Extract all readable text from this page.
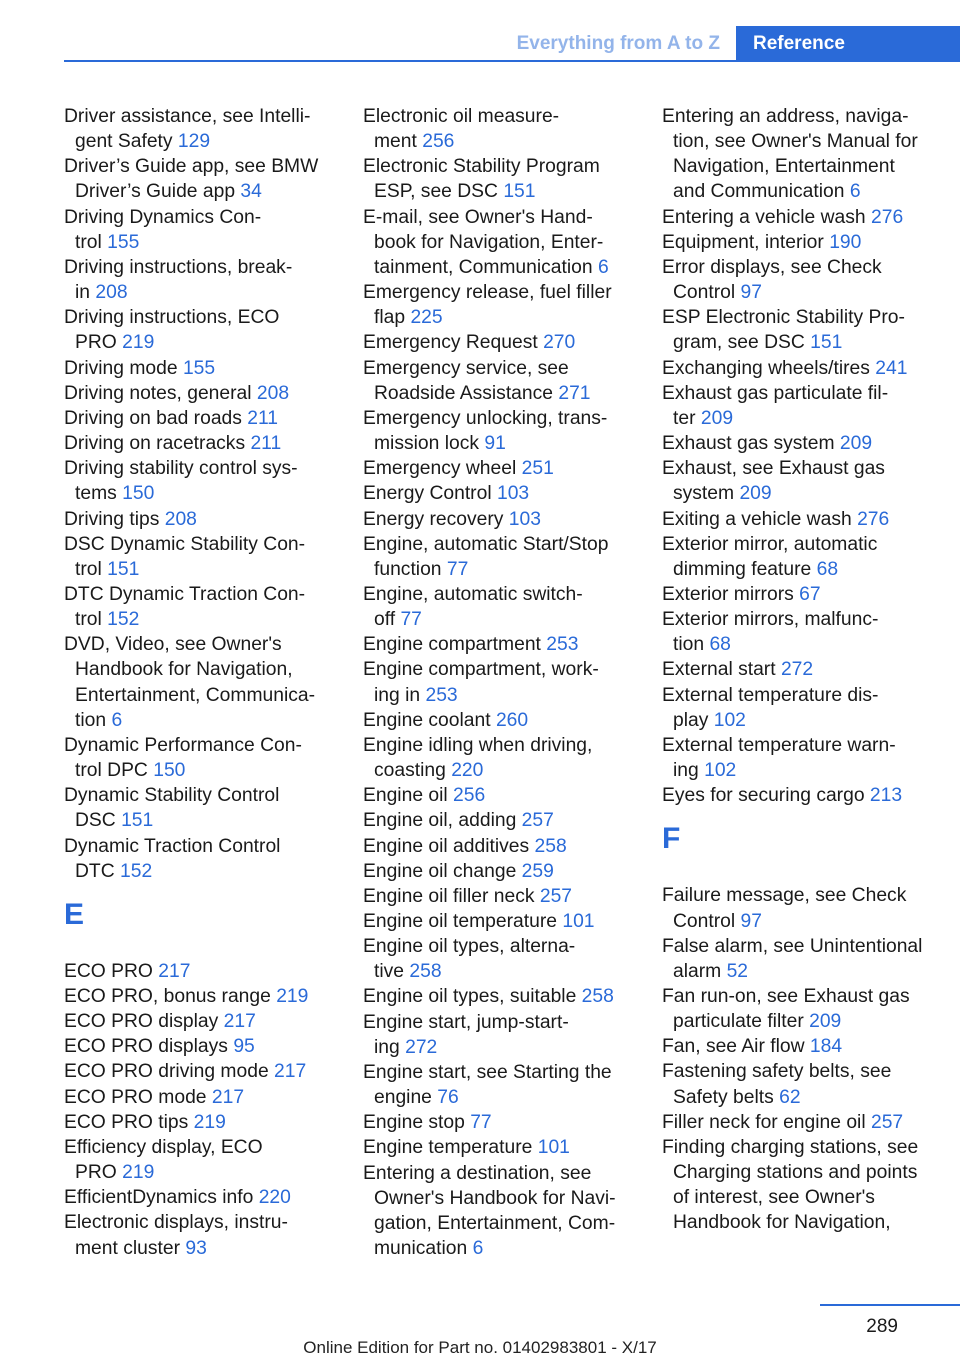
Everything from A to Z	Reference
Driver assistance, see Intelli-
gent Safety 129
Driver’s Guide app, see BMW
Driver’s Guide app 34
Driving Dynamics Con-
trol 155
Driving instructions, break-
in 208
Driving instructions, ECO
PRO 219
Driving mode 155
Driving notes, general 208
Driving on bad roads 211
Driving on racetracks 211
Driving stability control sys-
tems 150
Driving tips 208
DSC Dynamic Stability Con-
trol 151
DTC Dynamic Traction Con-
trol 152
DVD, Video, see Owner's
Handbook for Navigation,
Entertainment, Communica-
tion 6
Dynamic Performance Con-
trol DPC 150
Dynamic Stability Control
DSC 151
Dynamic Traction Control
DTC 152
E
ECO PRO 217
ECO PRO, bonus range 219
ECO PRO display 217
ECO PRO displays 95
ECO PRO driving mode 217
ECO PRO mode 217
ECO PRO tips 219
Efficiency display, ECO
PRO 219
EfficientDynamics info 220
Electronic displays, instru-
ment cluster 93
Electronic oil measure-
ment 256
Electronic Stability Program
ESP, see DSC 151
E-mail, see Owner's Hand-
book for Navigation, Enter-
tainment, Communication 6
Emergency release, fuel filler
flap 225
Emergency Request 270
Emergency service, see
Roadside Assistance 271
Emergency unlocking, trans-
mission lock 91
Emergency wheel 251
Energy Control 103
Energy recovery 103
Engine, automatic Start/Stop
function 77
Engine, automatic switch-
off 77
Engine compartment 253
Engine compartment, work-
ing in 253
Engine coolant 260
Engine idling when driving,
coasting 220
Engine oil 256
Engine oil, adding 257
Engine oil additives 258
Engine oil change 259
Engine oil filler neck 257
Engine oil temperature 101
Engine oil types, alterna-
tive 258
Engine oil types, suitable 258
Engine start, jump-start-
ing 272
Engine start, see Starting the
engine 76
Engine stop 77
Engine temperature 101
Entering a destination, see
Owner's Handbook for Navi-
gation, Entertainment, Com-
munication 6
Entering an address, naviga-
tion, see Owner's Manual for
Navigation, Entertainment
and Communication 6
Entering a vehicle wash 276
Equipment, interior 190
Error displays, see Check
Control 97
ESP Electronic Stability Pro-
gram, see DSC 151
Exchanging wheels/tires 241
Exhaust gas particulate fil-
ter 209
Exhaust gas system 209
Exhaust, see Exhaust gas
system 209
Exiting a vehicle wash 276
Exterior mirror, automatic
dimming feature 68
Exterior mirrors 67
Exterior mirrors, malfunc-
tion 68
External start 272
External temperature dis-
play 102
External temperature warn-
ing 102
Eyes for securing cargo 213
F
Failure message, see Check
Control 97
False alarm, see Unintentional
alarm 52
Fan run-on, see Exhaust gas
particulate filter 209
Fan, see Air flow 184
Fastening safety belts, see
Safety belts 62
Filler neck for engine oil 257
Finding charging stations, see
Charging stations and points
of interest, see Owner's
Handbook for Navigation,
289
Online Edition for Part no. 01402983801 - X/17
